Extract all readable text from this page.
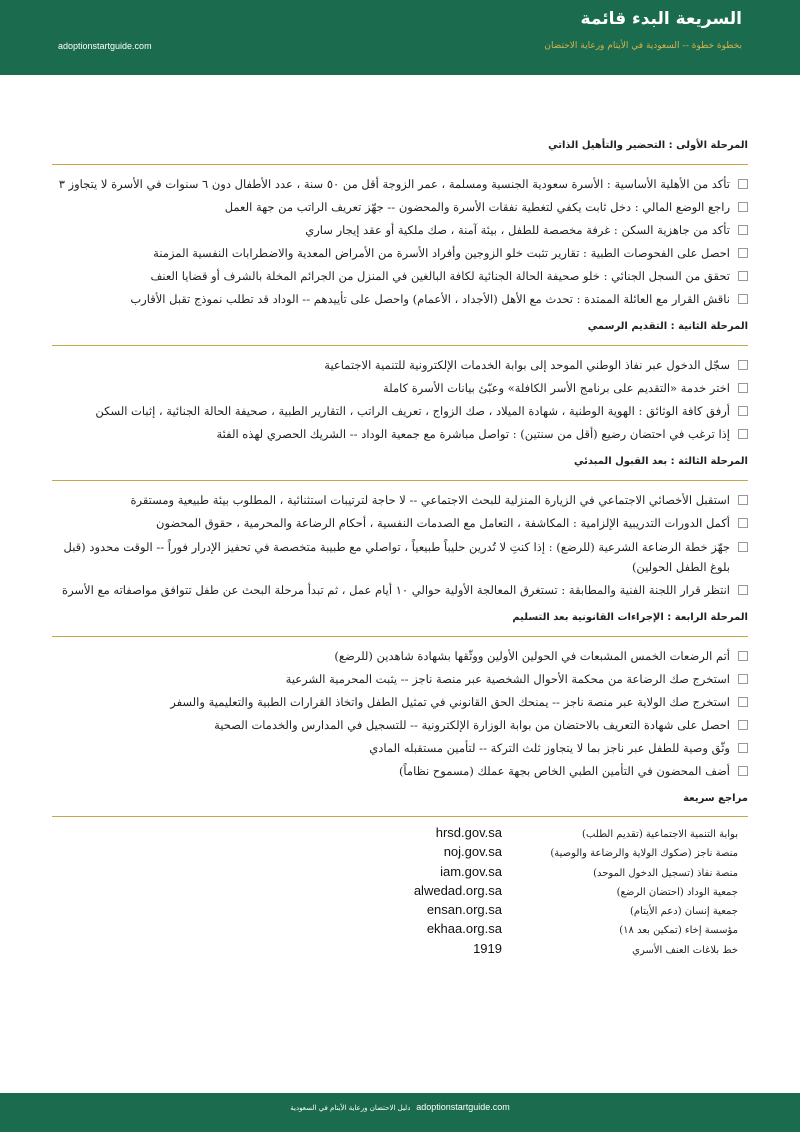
السريعة البدء قائمة
بخطوة خطوة -- السعودية في الأيتام ورعاية الاحتضان
adoptionstartguide.com
المرحلة الأولى : التحضير والتأهيل الذاتي
تأكد من الأهلية الأساسية : الأسرة سعودية الجنسية ومسلمة ، عمر الزوجة أقل من ٥٠ سنة ، عدد الأطفال دون ٦ سنوات في الأسرة لا يتجاوز ٣
راجع الوضع المالي : دخل ثابت يكفي لتغطية نفقات الأسرة والمحضون -- جهّز تعريف الراتب من جهة العمل
تأكد من جاهزية السكن : غرفة مخصصة للطفل ، بيئة آمنة ، صك ملكية أو عقد إيجار ساري
احصل على الفحوصات الطبية : تقارير تثبت خلو الزوجين وأفراد الأسرة من الأمراض المعدية والاضطرابات النفسية المزمنة
تحقق من السجل الجنائي : خلو صحيفة الحالة الجنائية لكافة البالغين في المنزل من الجرائم المخلة بالشرف أو قضايا العنف
ناقش القرار مع العائلة الممتدة : تحدث مع الأهل (الأجداد ، الأعمام) واحصل على تأييدهم -- الوداد قد تطلب نموذج تقبل الأقارب
المرحلة الثانية : التقديم الرسمي
سجّل الدخول عبر نفاذ الوطني الموحد إلى بوابة الخدمات الإلكترونية للتنمية الاجتماعية
اختر خدمة «التقديم على برنامج الأسر الكافلة» وعبّئ بيانات الأسرة كاملة
أرفق كافة الوثائق : الهوية الوطنية ، شهادة الميلاد ، صك الزواج ، تعريف الراتب ، التقارير الطبية ، صحيفة الحالة الجنائية ، إثبات السكن
إذا ترغب في احتضان رضيع (أقل من سنتين) : تواصل مباشرة مع جمعية الوداد -- الشريك الحصري لهذه الفئة
المرحلة الثالثة : بعد القبول المبدئي
استقبل الأخصائي الاجتماعي في الزيارة المنزلية للبحث الاجتماعي -- لا حاجة لترتيبات استثنائية ، المطلوب بيئة طبيعية ومستقرة
أكمل الدورات التدريبية الإلزامية : المكاشفة ، التعامل مع الصدمات النفسية ، أحكام الرضاعة والمحرمية ، حقوق المحضون
جهّز خطة الرضاعة الشرعية (للرضع) : إذا كنتِ لا تُدرين حليباً طبيعياً ، تواصلي مع طبيبة متخصصة في تحفيز الإدرار فوراً -- الوقت محدود (قبل بلوغ الطفل الحولين)
انتظر قرار اللجنة الفنية والمطابقة : تستغرق المعالجة الأولية حوالي ١٠ أيام عمل ، ثم تبدأ مرحلة البحث عن طفل تتوافق مواصفاته مع الأسرة
المرحلة الرابعة : الإجراءات القانونية بعد التسليم
أتم الرضعات الخمس المشبعات في الحولين الأولين ووثّقها بشهادة شاهدين (للرضع)
استخرج صك الرضاعة من محكمة الأحوال الشخصية عبر منصة ناجز -- يثبت المحرمية الشرعية
استخرج صك الولاية عبر منصة ناجز -- يمنحك الحق القانوني في تمثيل الطفل واتخاذ القرارات الطبية والتعليمية والسفر
احصل على شهادة التعريف بالاحتضان من بوابة الوزارة الإلكترونية -- للتسجيل في المدارس والخدمات الصحية
وثّق وصية للطفل عبر ناجز بما لا يتجاوز ثلث التركة -- لتأمين مستقبله المادي
أضف المحضون في التأمين الطبي الخاص بجهة عملك (مسموح نظاماً)
مراجع سريعة
بوابة التنمية الاجتماعية (تقديم الطلب)
hrsd.gov.sa
منصة ناجز (صكوك الولاية والرضاعة والوصية)
noj.gov.sa
منصة نفاذ (تسجيل الدخول الموحد)
iam.gov.sa
جمعية الوداد (احتضان الرضع)
alwedad.org.sa
جمعية إنسان (دعم الأيتام)
ensan.org.sa
مؤسسة إخاء (تمكين بعد ١٨)
ekhaa.org.sa
خط بلاغات العنف الأسري
1919
adoptionstartguide.com دليل الاحتضان ورعاية الأيتام في السعودية
